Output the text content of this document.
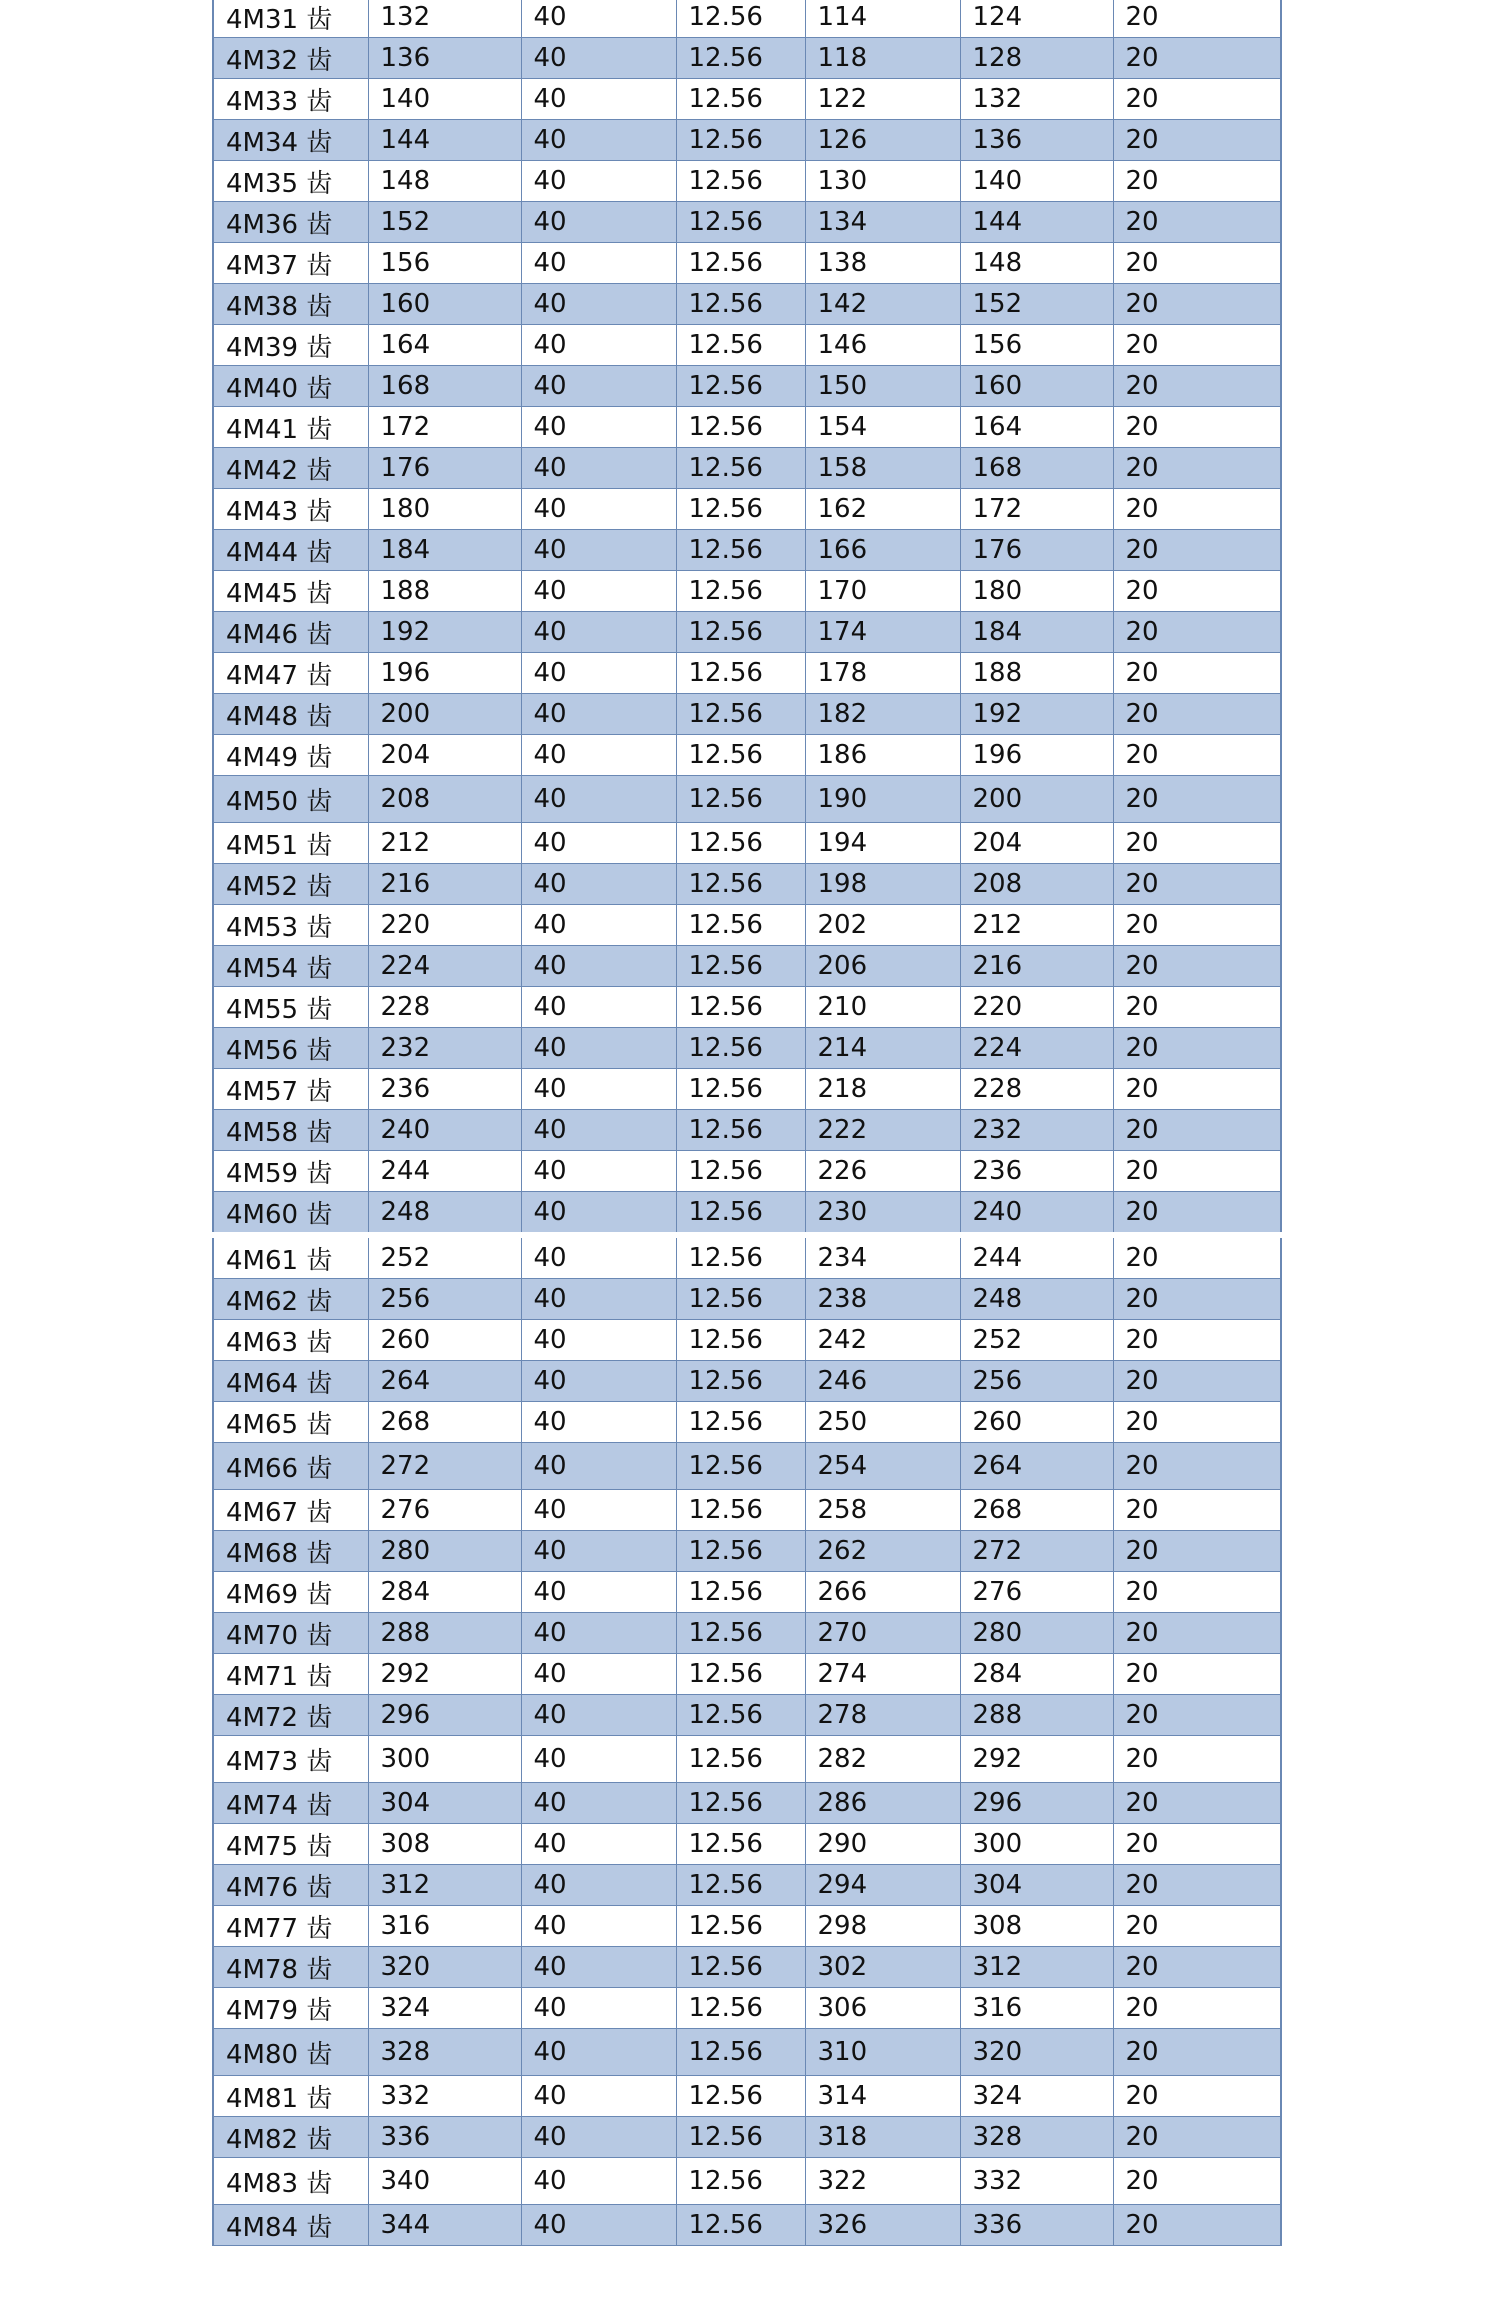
4M31 齿	132	40	12.56	114	124	20
4M32 齿	136	40	12.56	118	128	20
4M33 齿	140	40	12.56	122	132	20
4M34 齿	144	40	12.56	126	136	20
4M35 齿	148	40	12.56	130	140	20
4M36 齿	152	40	12.56	134	144	20
4M37 齿	156	40	12.56	138	148	20
4M38 齿	160	40	12.56	142	152	20
4M39 齿	164	40	12.56	146	156	20
4M40 齿	168	40	12.56	150	160	20
4M41 齿	172	40	12.56	154	164	20
4M42 齿	176	40	12.56	158	168	20
4M43 齿	180	40	12.56	162	172	20
4M44 齿	184	40	12.56	166	176	20
4M45 齿	188	40	12.56	170	180	20
4M46 齿	192	40	12.56	174	184	20
4M47 齿	196	40	12.56	178	188	20
4M48 齿	200	40	12.56	182	192	20
4M49 齿	204	40	12.56	186	196	20
4M50 齿	208	40	12.56	190	200	20
4M51 齿	212	40	12.56	194	204	20
4M52 齿	216	40	12.56	198	208	20
4M53 齿	220	40	12.56	202	212	20
4M54 齿	224	40	12.56	206	216	20
4M55 齿	228	40	12.56	210	220	20
4M56 齿	232	40	12.56	214	224	20
4M57 齿	236	40	12.56	218	228	20
4M58 齿	240	40	12.56	222	232	20
4M59 齿	244	40	12.56	226	236	20
4M60 齿	248	40	12.56	230	240	20
4M61 齿	252	40	12.56	234	244	20
4M62 齿	256	40	12.56	238	248	20
4M63 齿	260	40	12.56	242	252	20
4M64 齿	264	40	12.56	246	256	20
4M65 齿	268	40	12.56	250	260	20
4M66 齿	272	40	12.56	254	264	20
4M67 齿	276	40	12.56	258	268	20
4M68 齿	280	40	12.56	262	272	20
4M69 齿	284	40	12.56	266	276	20
4M70 齿	288	40	12.56	270	280	20
4M71 齿	292	40	12.56	274	284	20
4M72 齿	296	40	12.56	278	288	20
4M73 齿	300	40	12.56	282	292	20
4M74 齿	304	40	12.56	286	296	20
4M75 齿	308	40	12.56	290	300	20
4M76 齿	312	40	12.56	294	304	20
4M77 齿	316	40	12.56	298	308	20
4M78 齿	320	40	12.56	302	312	20
4M79 齿	324	40	12.56	306	316	20
4M80 齿	328	40	12.56	310	320	20
4M81 齿	332	40	12.56	314	324	20
4M82 齿	336	40	12.56	318	328	20
4M83 齿	340	40	12.56	322	332	20
4M84 齿	344	40	12.56	326	336	20
